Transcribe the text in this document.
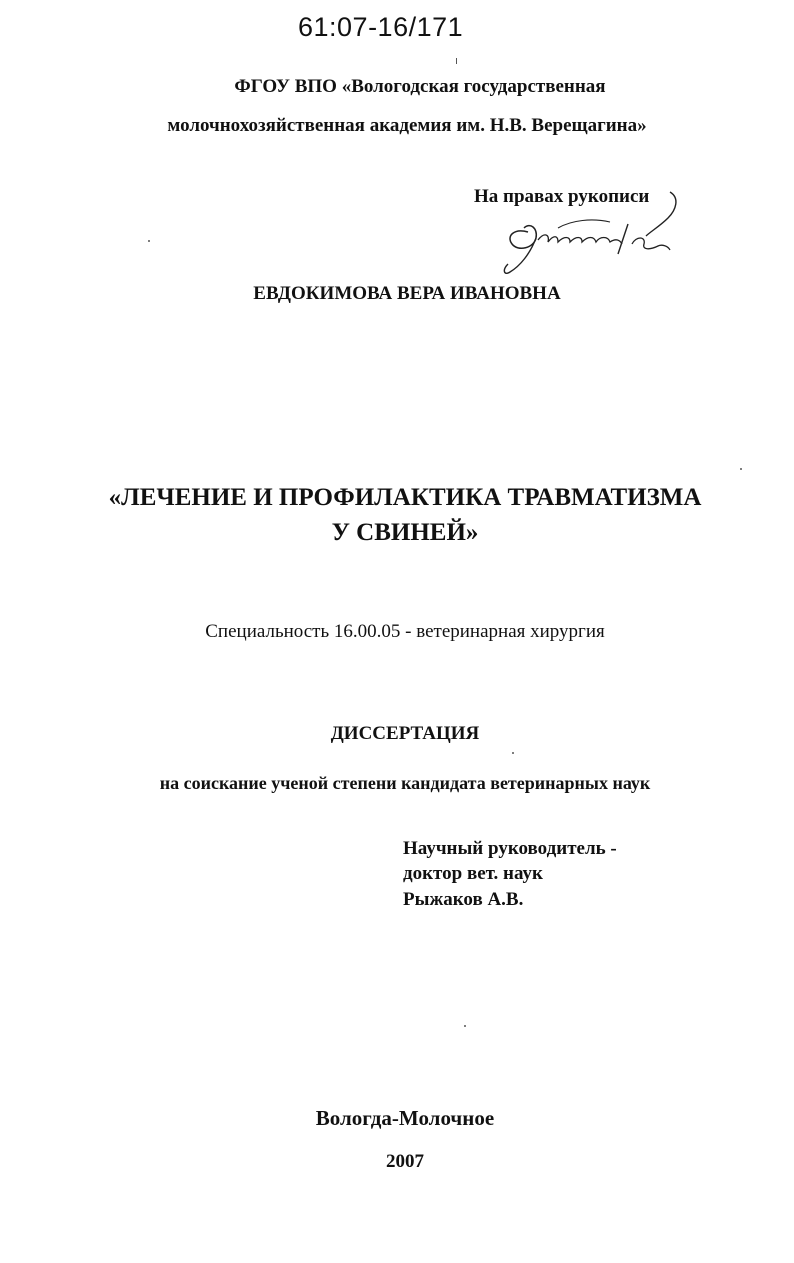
61:07-16/171
ФГОУ ВПО «Вологодская государственная
молочнохозяйственная академия им. Н.В. Верещагина»
На правах рукописи
ЕВДОКИМОВА ВЕРА ИВАНОВНА
«ЛЕЧЕНИЕ И ПРОФИЛАКТИКА ТРАВМАТИЗМА
У СВИНЕЙ»
Специальность 16.00.05 - ветеринарная хирургия
ДИССЕРТАЦИЯ
на соискание ученой степени кандидата ветеринарных наук
Научный руководитель -
доктор вет. наук
Рыжаков А.В.
Вологда-Молочное
2007
